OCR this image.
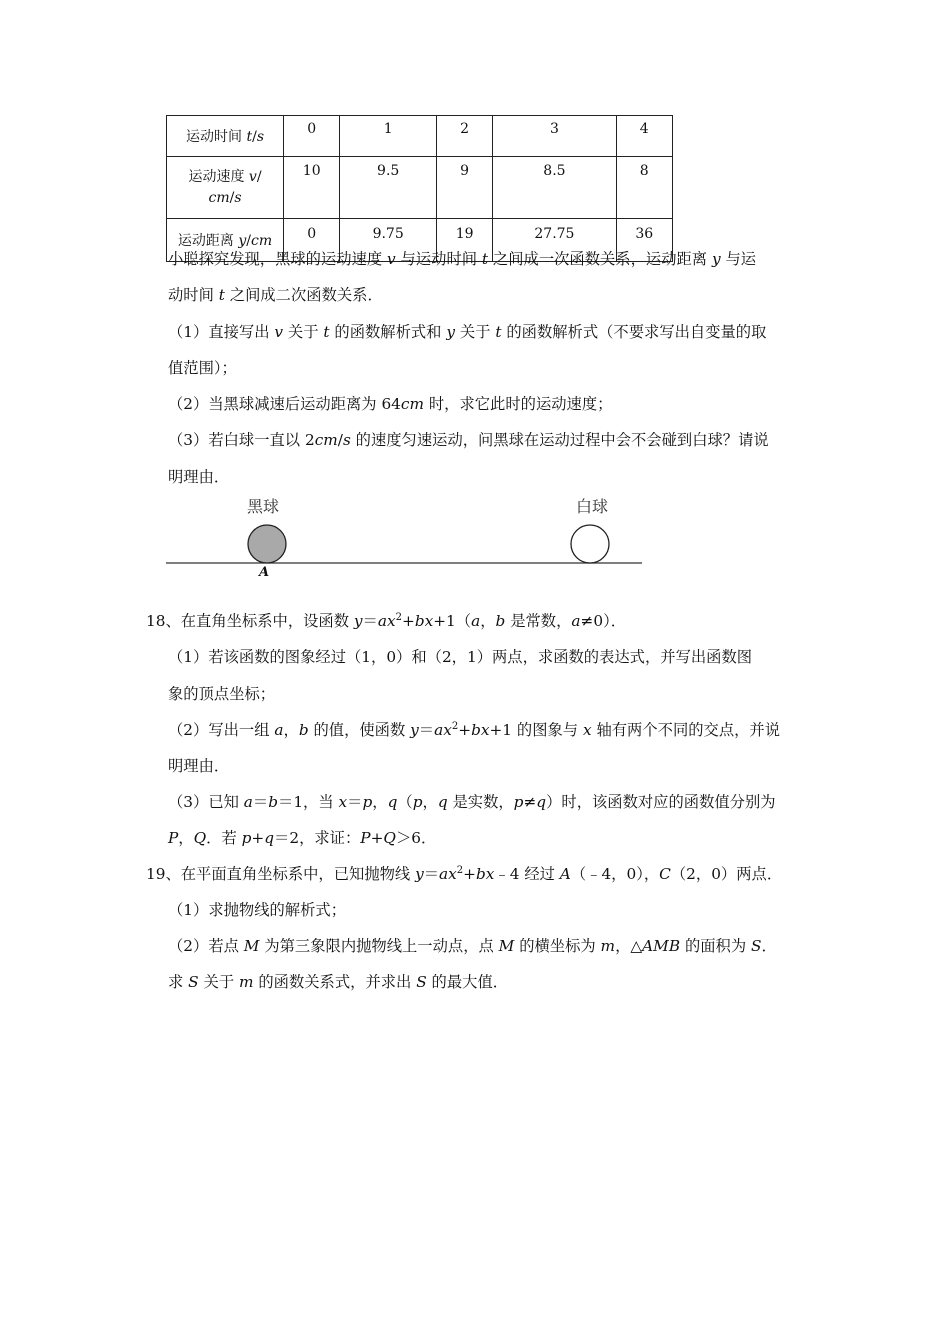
运动时间 t/s	0	1	2	3	4
运动速度 v/
cm/s	10	9.5	9	8.5	8
运动距离 y/cm	0	9.75	19	27.75	36
小聪探究发现，黑球的运动速度 v 与运动时间 t 之间成一次函数关系，运动距离 y 与运
动时间 t 之间成二次函数关系．
（1）直接写出 v 关于 t 的函数解析式和 y 关于 t 的函数解析式（不要求写出自变量的取
值范围）；
（2）当黑球减速后运动距离为 64cm 时，求它此时的运动速度；
（3）若白球一直以 2cm/s 的速度匀速运动，问黑球在运动过程中会不会碰到白球？请说
明理由．
黑球	白球
A
18、在直角坐标系中，设函数 $y=ax^2+bx+1(a$，b 是常数，a≠0）．
（1）若该函数的图象经过（1，0）和（2，1）两点，求函数的表达式，并写出函数图
象的顶点坐标；
（2）写出一组 a，b 的值，使函数 $y=ax^2+bx+1$ 的图象与 x 轴有两个不同的交点，并说
明理由．
（3）已知 a＝b＝1，当 x＝p，q（p，q 是实数，p≠q）时，该函数对应的函数值分别为
P，Q．若 p+q＝2，求证：P+Q＞6．
19、在平面直角坐标系中，已知抛物线 $y=ax^2+bx﹣4$ 经过 A（﹣4，0），C（2，0）两点．
（1）求抛物线的解析式；
（2）若点 M 为第三象限内抛物线上一动点，点 M 的横坐标为 m，△AMB 的面积为 S．
求 S 关于 m 的函数关系式，并求出 S 的最大值．
